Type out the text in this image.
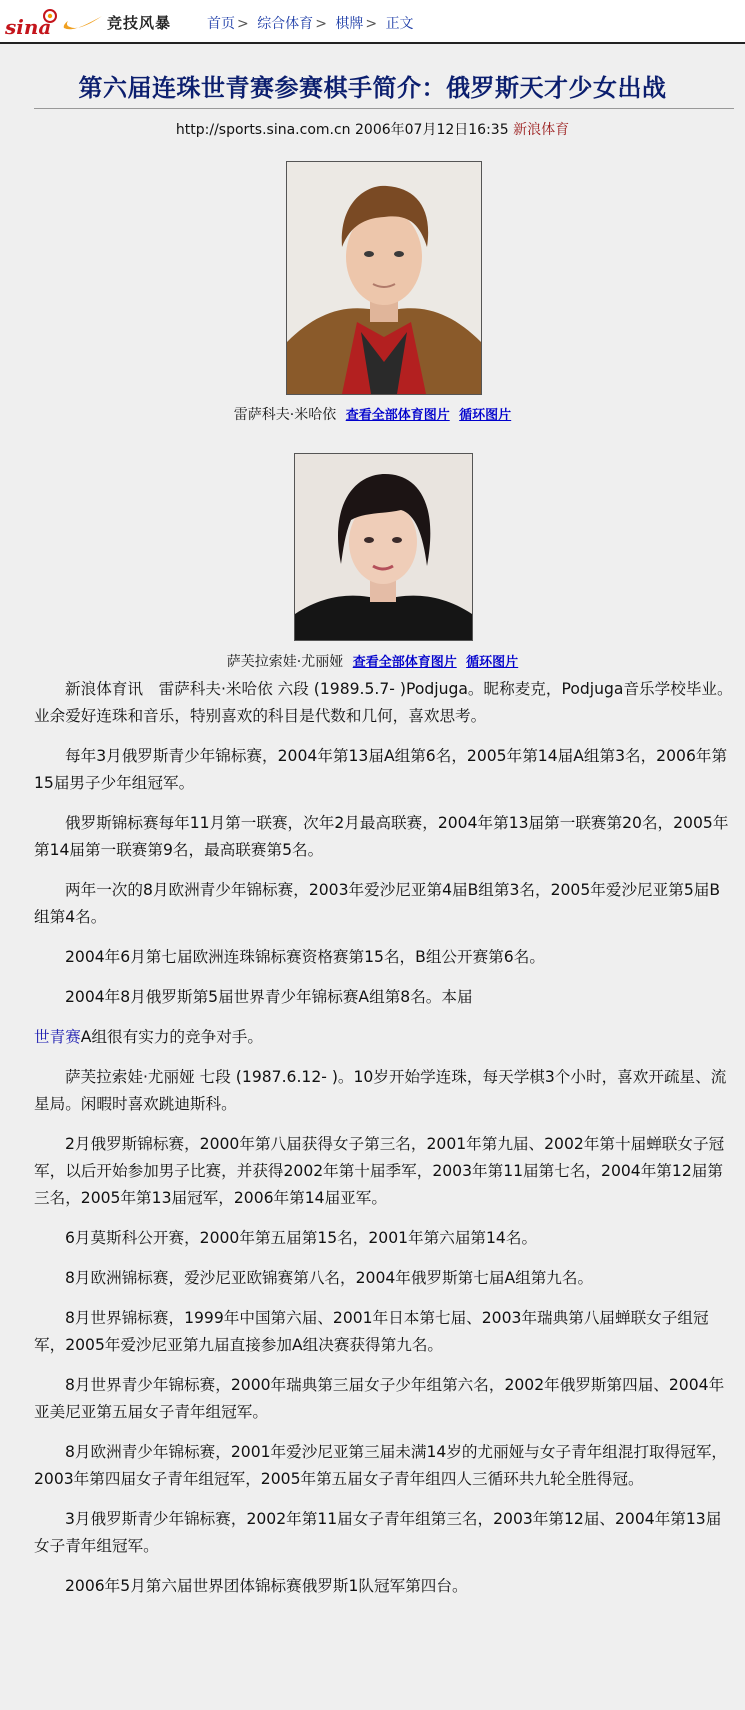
sina	竞技风暴	首页 > 综合体育 > 棋牌 > 正文
第六届连珠世青赛参赛棋手简介：俄罗斯天才少女出战
http://sports.sina.com.cn 2006年07月12日16:35 新浪体育
雷萨科夫·米哈依 查看全部体育图片 循环图片
萨芙拉索娃·尤丽娅 查看全部体育图片 循环图片

新浪体育讯　雷萨科夫·米哈依 六段 (1989.5.7- )Podjuga。昵称麦克，Podjuga音乐学校毕业。业余爱好连珠和音乐，特别喜欢的科目是代数和几何，喜欢思考。

每年3月俄罗斯青少年锦标赛，2004年第13届A组第6名，2005年第14届A组第3名，2006年第15届男子少年组冠军。

俄罗斯锦标赛每年11月第一联赛，次年2月最高联赛，2004年第13届第一联赛第20名，2005年第14届第一联赛第9名，最高联赛第5名。

两年一次的8月欧洲青少年锦标赛，2003年爱沙尼亚第4届B组第3名，2005年爱沙尼亚第5届B组第4名。

2004年6月第七届欧洲连珠锦标赛资格赛第15名，B组公开赛第6名。

2004年8月俄罗斯第5届世界青少年锦标赛A组第8名。本届

世青赛A组很有实力的竞争对手。

萨芙拉索娃·尤丽娅 七段 (1987.6.12- )。10岁开始学连珠，每天学棋3个小时，喜欢开疏星、流星局。闲暇时喜欢跳迪斯科。

2月俄罗斯锦标赛，2000年第八届获得女子第三名，2001年第九届、2002年第十届蝉联女子冠军，以后开始参加男子比赛，并获得2002年第十届季军，2003年第11届第七名，2004年第12届第三名，2005年第13届冠军，2006年第14届亚军。

6月莫斯科公开赛，2000年第五届第15名，2001年第六届第14名。

8月欧洲锦标赛，爱沙尼亚欧锦赛第八名，2004年俄罗斯第七届A组第九名。

8月世界锦标赛，1999年中国第六届、2001年日本第七届、2003年瑞典第八届蝉联女子组冠军，2005年爱沙尼亚第九届直接参加A组决赛获得第九名。

8月世界青少年锦标赛，2000年瑞典第三届女子少年组第六名，2002年俄罗斯第四届、2004年亚美尼亚第五届女子青年组冠军。

8月欧洲青少年锦标赛，2001年爱沙尼亚第三届未满14岁的尤丽娅与女子青年组混打取得冠军，2003年第四届女子青年组冠军，2005年第五届女子青年组四人三循环共九轮全胜得冠。

3月俄罗斯青少年锦标赛，2002年第11届女子青年组第三名，2003年第12届、2004年第13届女子青年组冠军。

2006年5月第六届世界团体锦标赛俄罗斯1队冠军第四台。
